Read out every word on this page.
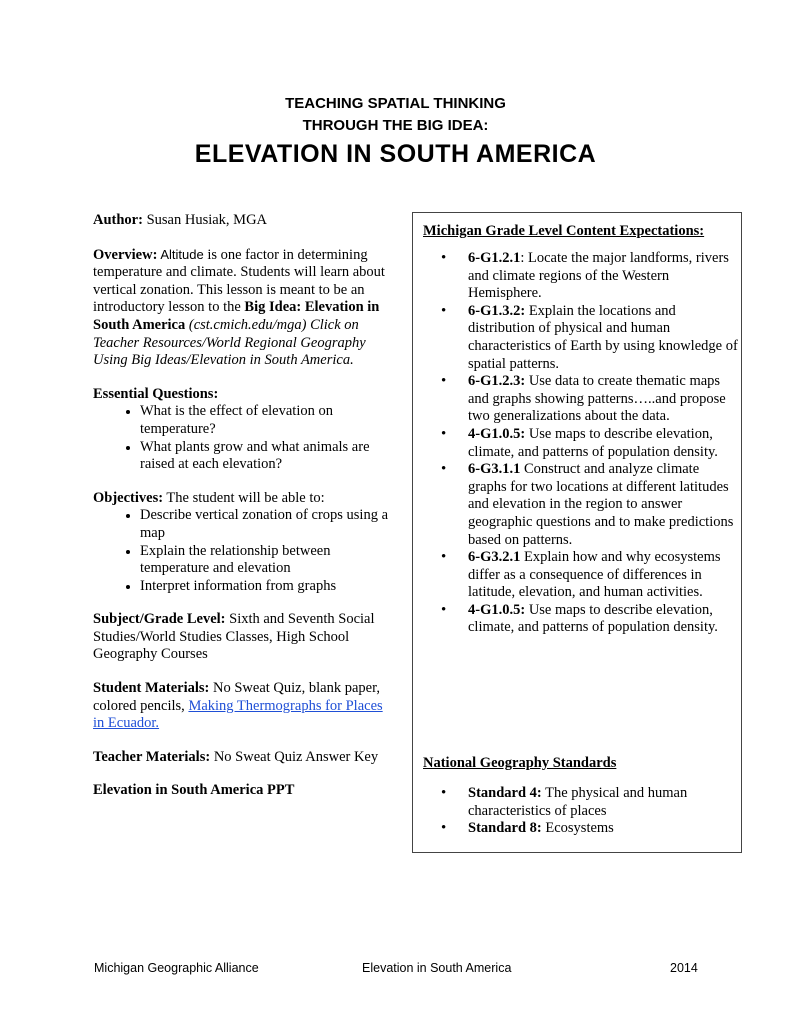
TEACHING SPATIAL THINKING
THROUGH THE BIG IDEA:
ELEVATION IN SOUTH AMERICA

Author: Susan Husiak, MGA

Overview: Altitude is one factor in determining temperature and climate. Students will learn about vertical zonation. This lesson is meant to be an introductory lesson to the Big Idea: Elevation in South America (cst.cmich.edu/mga) Click on Teacher Resources/World Regional Geography Using Big Ideas/Elevation in South America.

Essential Questions:

• What is the effect of elevation on temperature?
• What plants grow and what animals are raised at each elevation?

Objectives: The student will be able to:

• Describe vertical zonation of crops using a map
• Explain the relationship between temperature and elevation
• Interpret information from graphs

Subject/Grade Level: Sixth and Seventh Social Studies/World Studies Classes, High School Geography Courses

Student Materials: No Sweat Quiz, blank paper, colored pencils, Making Thermographs for Places in Ecuador.

Teacher Materials: No Sweat Quiz Answer Key

Elevation in South America PPT

Michigan Grade Level Content Expectations:
• 6-G1.2.1: Locate the major landforms, rivers and climate regions of the Western Hemisphere.
• 6-G1.3.2: Explain the locations and distribution of physical and human characteristics of Earth by using knowledge of spatial patterns.
• 6-G1.2.3: Use data to create thematic maps and graphs showing patterns…..and propose two generalizations about the data.
• 4-G1.0.5: Use maps to describe elevation, climate, and patterns of population density.
• 6-G3.1.1 Construct and analyze climate graphs for two locations at different latitudes and elevation in the region to answer geographic questions and to make predictions based on patterns.
• 6-G3.2.1 Explain how and why ecosystems differ as a consequence of differences in latitude, elevation, and human activities.
• 4-G1.0.5: Use maps to describe elevation, climate, and patterns of population density.
National Geography Standards
• Standard 4: The physical and human characteristics of places
• Standard 8: Ecosystems
Michigan Geographic Alliance	Elevation in South America	2014
